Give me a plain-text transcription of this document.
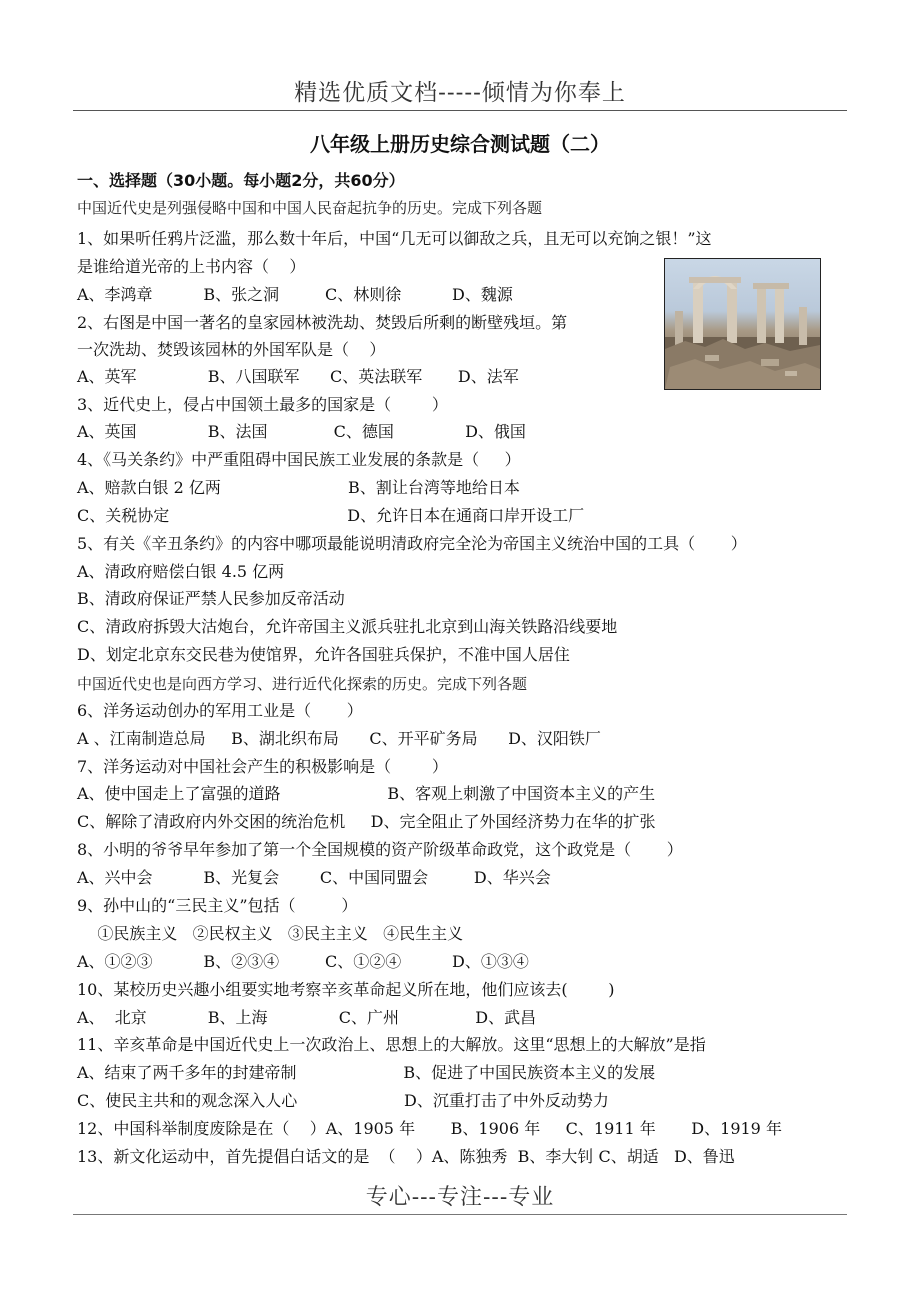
精选优质文档-----倾情为你奉上
八年级上册历史综合测试题（二）
一、选择题（30小题。每小题2分，共60分）
中国近代史是列强侵略中国和中国人民奋起抗争的历史。完成下列各题
1、如果听任鸦片泛滥，那么数十年后，中国“几无可以御敌之兵，且无可以充饷之银！”这
是谁给道光帝的上书内容（    ）
A、李鸿章          B、张之洞         C、林则徐          D、魏源
2、右图是中国一著名的皇家园林被洗劫、焚毁后所剩的断壁残垣。第
一次洗劫、焚毁该园林的外国军队是（    ）
A、英军              B、八国联军      C、英法联军       D、法军
3、近代史上，侵占中国领土最多的国家是（        ）
A、英国              B、法国             C、德国              D、俄国
4、《马关条约》中严重阻碍中国民族工业发展的条款是（     ）
A、赔款白银 2 亿两                         B、割让台湾等地给日本
C、关税协定                                   D、允许日本在通商口岸开设工厂
5、有关《辛丑条约》的内容中哪项最能说明清政府完全沦为帝国主义统治中国的工具（       ）
A、清政府赔偿白银 4.5 亿两
B、清政府保证严禁人民参加反帝活动
C、清政府拆毁大沽炮台，允许帝国主义派兵驻扎北京到山海关铁路沿线要地
D、划定北京东交民巷为使馆界，允许各国驻兵保护，不准中国人居住
中国近代史也是向西方学习、进行近代化探索的历史。完成下列各题
6、洋务运动创办的军用工业是（       ）
A 、江南制造总局     B、湖北织布局      C、开平矿务局      D、汉阳铁厂
7、洋务运动对中国社会产生的积极影响是（        ）
A、使中国走上了富强的道路                     B、客观上刺激了中国资本主义的产生
C、解除了清政府内外交困的统治危机     D、完全阻止了外国经济势力在华的扩张
8、小明的爷爷早年参加了第一个全国规模的资产阶级革命政党，这个政党是（       ）
A、兴中会          B、光复会        C、中国同盟会         D、华兴会
9、孙中山的“三民主义”包括（         ）
①民族主义   ②民权主义   ③民主主义   ④民生主义
A、①②③          B、②③④         C、①②④          D、①③④
10、某校历史兴趣小组要实地考察辛亥革命起义所在地，他们应该去(        )
A、  北京            B、上海              C、广州               D、武昌
11、辛亥革命是中国近代史上一次政治上、思想上的大解放。这里“思想上的大解放”是指
A、结束了两千多年的封建帝制                     B、促进了中国民族资本主义的发展
C、使民主共和的观念深入人心                     D、沉重打击了中外反动势力
12、中国科举制度废除是在（    ）A、1905 年       B、1906 年     C、1911 年       D、1919 年
13、新文化运动中，首先提倡白话文的是  （    ）A、陈独秀  B、李大钊 C、胡适   D、鲁迅
专心---专注---专业
